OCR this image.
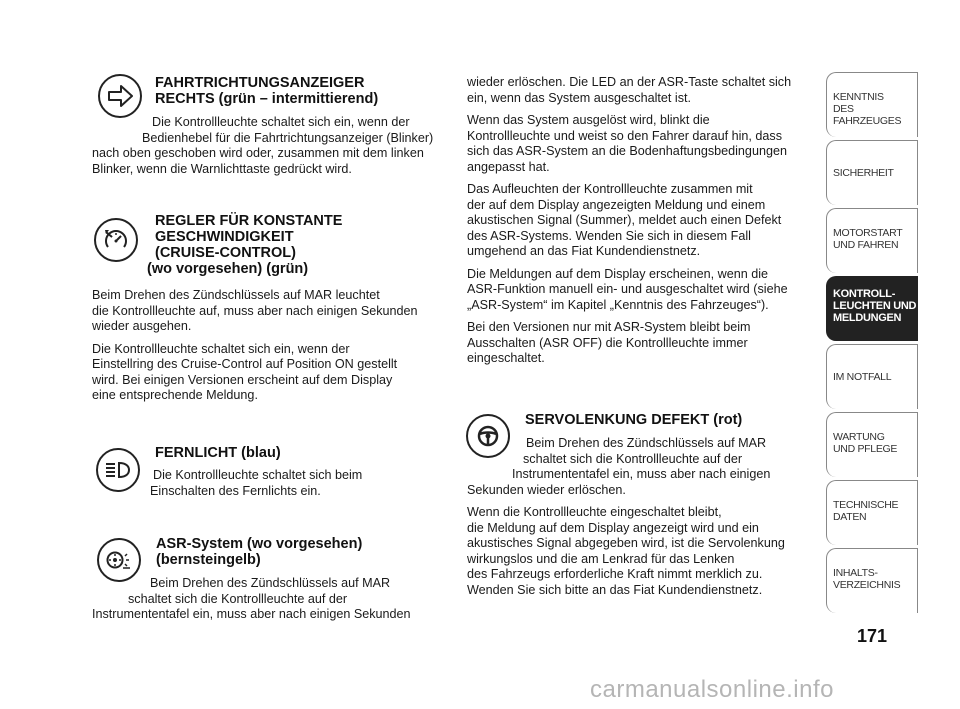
FAHRTRICHTUNGSANZEIGER
RECHTS (grün – intermittierend)
Die Kontrollleuchte schaltet sich ein, wenn der
Bedienhebel für die Fahrtrichtungsanzeiger (Blinker)
nach oben geschoben wird oder, zusammen mit dem linken
Blinker, wenn die Warnlichttaste gedrückt wird.
REGLER FÜR KONSTANTE
GESCHWINDIGKEIT
(CRUISE-CONTROL)
(wo vorgesehen) (grün)
Beim Drehen des Zündschlüssels auf MAR leuchtet
die Kontrollleuchte auf, muss aber nach einigen Sekunden
wieder ausgehen.
Die Kontrollleuchte schaltet sich ein, wenn der
Einstellring des Cruise-Control auf Position ON gestellt
wird. Bei einigen Versionen erscheint auf dem Display
eine entsprechende Meldung.
FERNLICHT (blau)
Die Kontrollleuchte schaltet sich beim
Einschalten des Fernlichts ein.
ASR-System (wo vorgesehen)
(bernsteingelb)
Beim Drehen des Zündschlüssels auf MAR
schaltet sich die Kontrollleuchte auf der
Instrumententafel ein, muss aber nach einigen Sekunden
wieder erlöschen. Die LED an der ASR-Taste schaltet sich
ein, wenn das System ausgeschaltet ist.
Wenn das System ausgelöst wird, blinkt die
Kontrollleuchte und weist so den Fahrer darauf hin, dass
sich das ASR-System an die Bodenhaftungsbedingungen
angepasst hat.
Das Aufleuchten der Kontrollleuchte zusammen mit
der auf dem Display angezeigten Meldung und einem
akustischen Signal (Summer), meldet auch einen Defekt
des ASR-Systems. Wenden Sie sich in diesem Fall
umgehend an das Fiat Kundendienstnetz.
Die Meldungen auf dem Display erscheinen, wenn die
ASR-Funktion manuell ein- und ausgeschaltet wird (siehe
„ASR-System“ im Kapitel „Kenntnis des Fahrzeuges“).
Bei den Versionen nur mit ASR-System bleibt beim
Ausschalten (ASR OFF) die Kontrollleuchte immer
eingeschaltet.
SERVOLENKUNG DEFEKT (rot)
Beim Drehen des Zündschlüssels auf MAR
schaltet sich die Kontrollleuchte auf der
Instrumententafel ein, muss aber nach einigen
Sekunden wieder erlöschen.
Wenn die Kontrollleuchte eingeschaltet bleibt,
die Meldung auf dem Display angezeigt wird und ein
akustisches Signal abgegeben wird, ist die Servolenkung
wirkungslos und die am Lenkrad für das Lenken
des Fahrzeugs erforderliche Kraft nimmt merklich zu.
Wenden Sie sich bitte an das Fiat Kundendienstnetz.
KENNTNIS
DES FAHRZEUGES
SICHERHEIT
MOTORSTART
UND FAHREN
KONTROLL-
LEUCHTEN UND
MELDUNGEN
IM NOTFALL
WARTUNG
UND PFLEGE
TECHNISCHE
DATEN
INHALTS-
VERZEICHNIS
171
carmanualsonline.info
